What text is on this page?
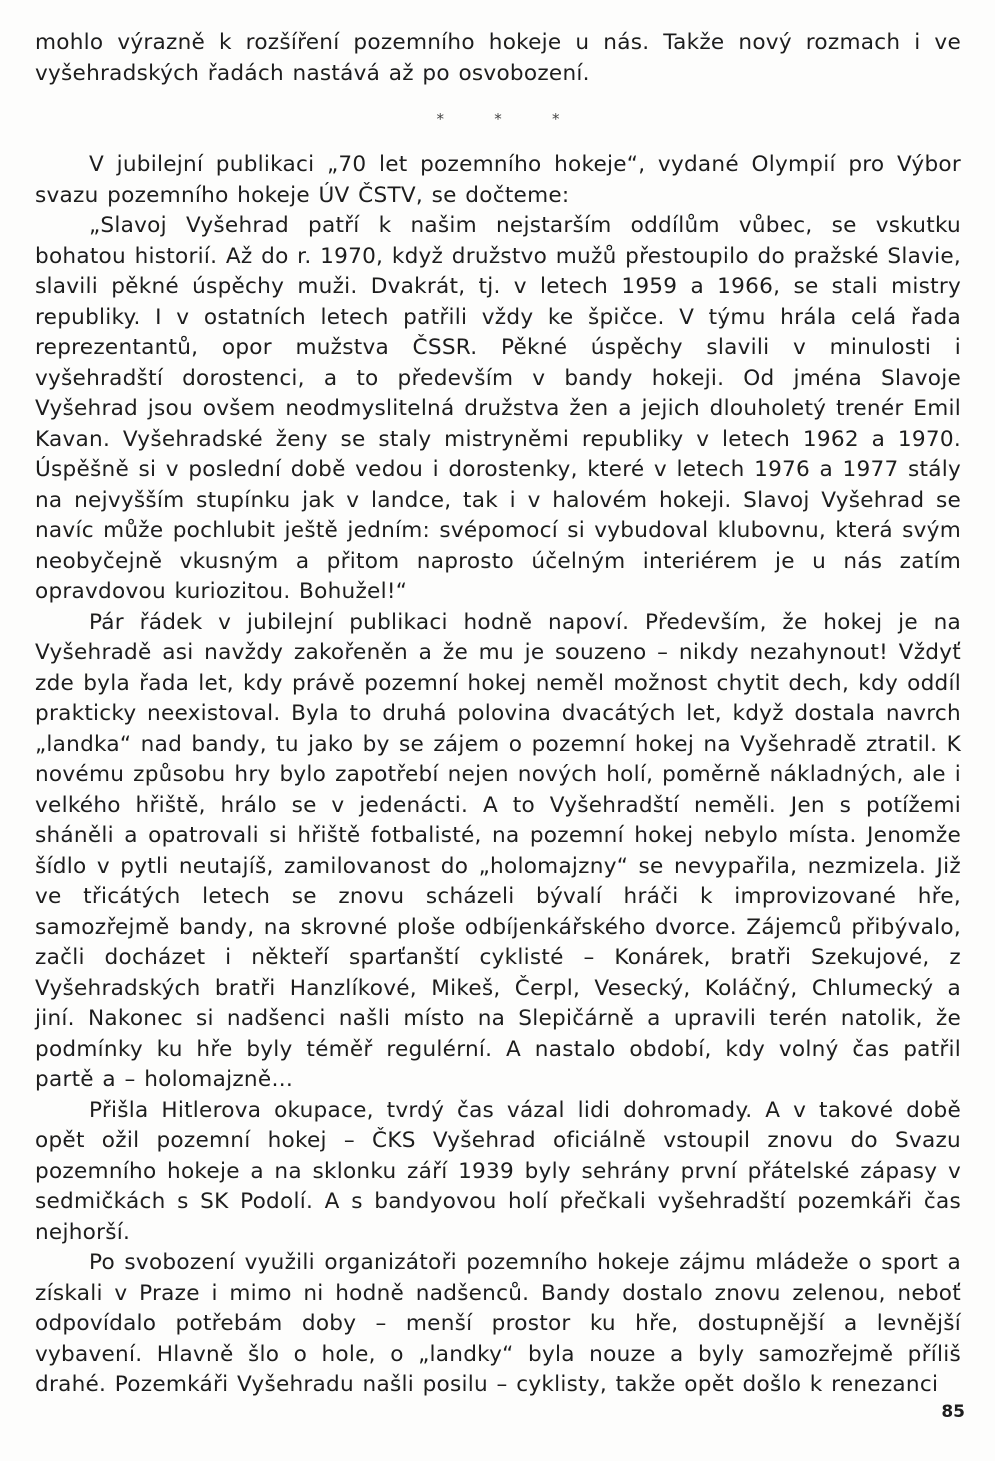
mohlo výrazně k rozšíření pozemního hokeje u nás. Takže nový rozmach i ve vyšehradských řadách nastává až po osvobození.

* * *

V jubilejní publikaci „70 let pozemního hokeje“, vydané Olympií pro Výbor svazu pozemního hokeje ÚV ČSTV, se dočteme:

„Slavoj Vyšehrad patří k našim nejstarším oddílům vůbec, se vskutku bohatou historií. Až do r. 1970, když družstvo mužů přestoupilo do pražské Slavie, slavili pěkné úspěchy muži. Dvakrát, tj. v letech 1959 a 1966, se stali mistry republiky. I v ostatních letech patřili vždy ke špičce. V týmu hrála celá řada reprezentantů, opor mužstva ČSSR. Pěkné úspěchy slavili v minulosti i vyšehradští dorostenci, a to především v bandy hokeji. Od jména Slavoje Vyšehrad jsou ovšem neodmyslitelná družstva žen a jejich dlouholetý trenér Emil Kavan. Vyšehradské ženy se staly mistryněmi republiky v letech 1962 a 1970. Úspěšně si v poslední době vedou i dorostenky, které v letech 1976 a 1977 stály na nejvyšším stupínku jak v landce, tak i v halovém hokeji. Slavoj Vyšehrad se navíc může pochlubit ještě jedním: svépomocí si vybudoval klubovnu, která svým neobyčejně vkusným a přitom naprosto účelným interiérem je u nás zatím opravdovou kuriozitou. Bohužel!“

Pár řádek v jubilejní publikaci hodně napoví. Především, že hokej je na Vyšehradě asi navždy zakořeněn a že mu je souzeno – nikdy nezahynout! Vždyť zde byla řada let, kdy právě pozemní hokej neměl možnost chytit dech, kdy oddíl prakticky neexistoval. Byla to druhá polovina dvacátých let, když dostala navrch „landka“ nad bandy, tu jako by se zájem o pozemní hokej na Vyšehradě ztratil. K novému způsobu hry bylo zapotřebí nejen nových holí, poměrně nákladných, ale i velkého hřiště, hrálo se v jedenácti. A to Vyšehradští neměli. Jen s potížemi sháněli a opatrovali si hřiště fotbalisté, na pozemní hokej nebylo místa. Jenomže šídlo v pytli neutajíš, zamilovanost do „holomajzny“ se nevypařila, nezmizela. Již ve třicátých letech se znovu scházeli bývalí hráči k improvizované hře, samozřejmě bandy, na skrovné ploše odbíjenkářského dvorce. Zájemců přibývalo, začli docházet i někteří sparťanští cyklisté – Konárek, bratři Szekujové, z Vyšehradských bratři Hanzlíkové, Mikeš, Čerpl, Vesecký, Koláčný, Chlumecký a jiní. Nakonec si nadšenci našli místo na Slepičárně a upravili terén natolik, že podmínky ku hře byly téměř regulérní. A nastalo období, kdy volný čas patřil partě a – holomajzně…

Přišla Hitlerova okupace, tvrdý čas vázal lidi dohromady. A v takové době opět ožil pozemní hokej – ČKS Vyšehrad oficiálně vstoupil znovu do Svazu pozemního hokeje a na sklonku září 1939 byly sehrány první přátelské zápasy v sedmičkách s SK Podolí. A s bandyovou holí přečkali vyšehradští pozemkáři čas nejhorší.

Po svobození využili organizátoři pozemního hokeje zájmu mládeže o sport a získali v Praze i mimo ni hodně nadšenců. Bandy dostalo znovu zelenou, neboť odpovídalo potřebám doby – menší prostor ku hře, dostupnější a levnější vybavení. Hlavně šlo o hole, o „landky“ byla nouze a byly samozřejmě příliš drahé. Pozemkáři Vyšehradu našli posilu – cyklisty, takže opět došlo k renezanci

85
